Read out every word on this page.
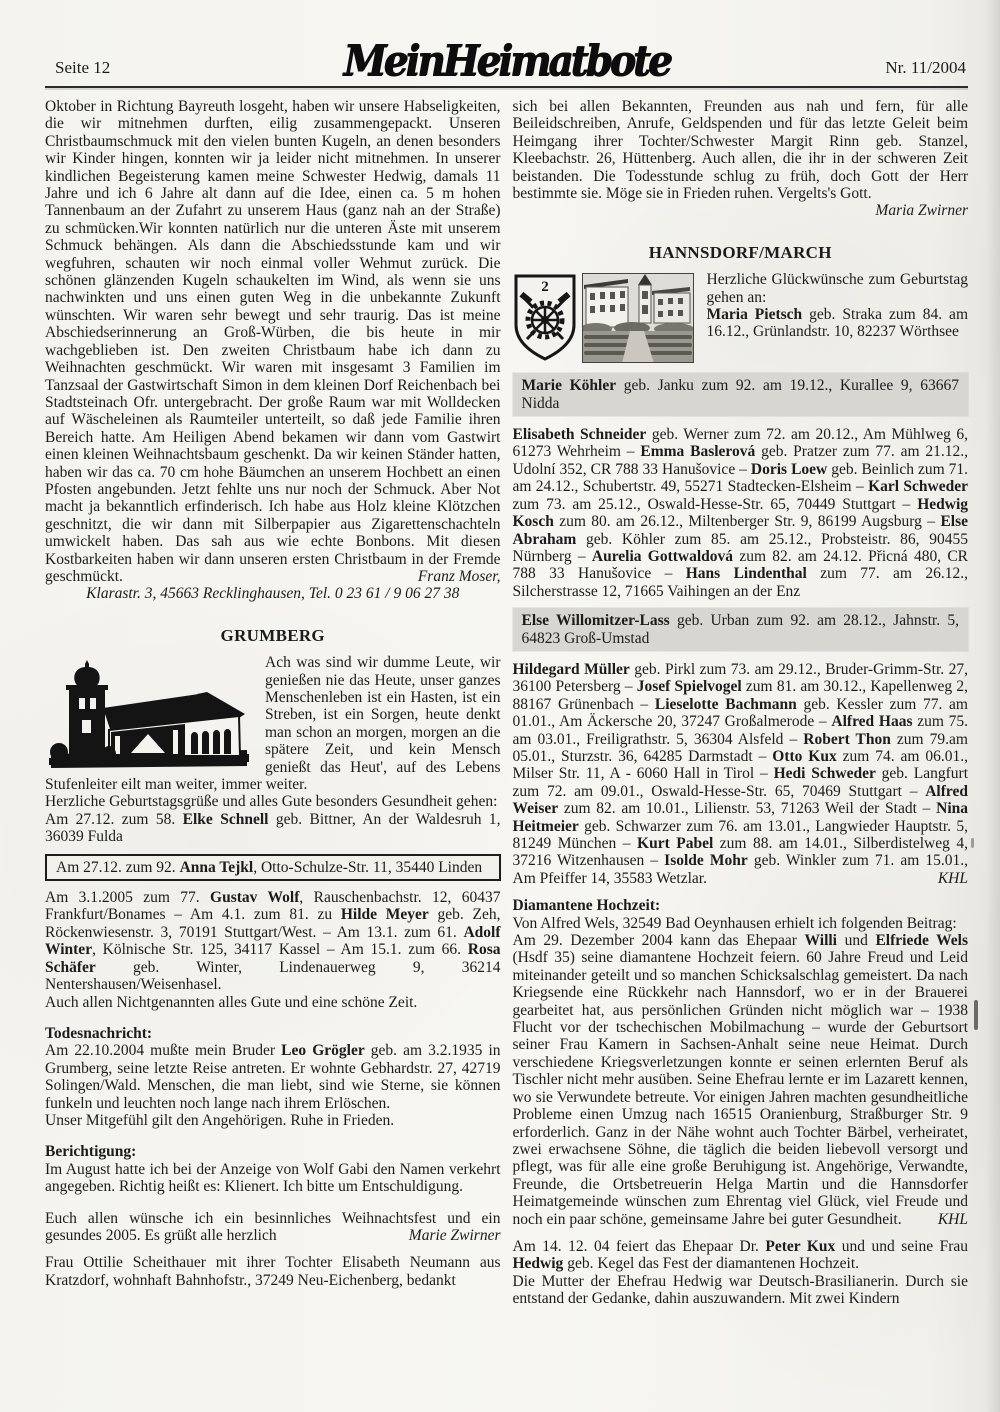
Seite 12	MeinHeimatbote	Nr. 11/2004

Oktober in Richtung Bayreuth losgeht, haben wir unsere Habseligkeiten, die wir mitnehmen durften, eilig zusammengepackt. Unseren Christbaumschmuck mit den vielen bunten Kugeln, an denen besonders wir Kinder hingen, konnten wir ja leider nicht mitnehmen. In unserer kindlichen Begeisterung kamen meine Schwester Hedwig, damals 11 Jahre und ich 6 Jahre alt dann auf die Idee, einen ca. 5 m hohen Tannenbaum an der Zufahrt zu unserem Haus (ganz nah an der Straße) zu schmücken.Wir konnten natürlich nur die unteren Äste mit unserem Schmuck behängen. Als dann die Abschiedsstunde kam und wir wegfuhren, schauten wir noch einmal voller Wehmut zurück. Die schönen glänzenden Kugeln schaukelten im Wind, als wenn sie uns nachwinkten und uns einen guten Weg in die unbekannte Zukunft wünschten. Wir waren sehr bewegt und sehr traurig. Das ist meine Abschiedserinnerung an Groß-Würben, die bis heute in mir wachgeblieben ist. Den zweiten Christbaum habe ich dann zu Weihnachten geschmückt. Wir waren mit insgesamt 3 Familien im Tanzsaal der Gastwirtschaft Simon in dem kleinen Dorf Reichenbach bei Stadtsteinach Ofr. untergebracht. Der große Raum war mit Wolldecken auf Wäscheleinen als Raumteiler unterteilt, so daß jede Familie ihren Bereich hatte. Am Heiligen Abend bekamen wir dann vom Gastwirt einen kleinen Weihnachtsbaum geschenkt. Da wir keinen Ständer hatten, haben wir das ca. 70 cm hohe Bäumchen an unserem Hochbett an einen Pfosten angebunden. Jetzt fehlte uns nur noch der Schmuck. Aber Not macht ja bekanntlich erfinderisch. Ich habe aus Holz kleine Klötzchen geschnitzt, die wir dann mit Silberpapier aus Zigarettenschachteln umwickelt haben. Das sah aus wie echte Bonbons. Mit diesen Kostbarkeiten haben wir dann unseren ersten Christbaum in der Fremde geschmückt.	Franz Moser,

Klarastr. 3, 45663 Recklinghausen, Tel. 0 23 61 / 9 06 27 38

GRUMBERG

Ach was sind wir dumme Leute, wir genießen nie das Heute, unser ganzes Menschenleben ist ein Hasten, ist ein Streben, ist ein Sorgen, heute denkt man schon an morgen, morgen an die spätere Zeit, und kein Mensch genießt das Heut', auf des Lebens Stufenleiter eilt man weiter, immer weiter.

Herzliche Geburtstagsgrüße und alles Gute besonders Gesundheit gehen:

Am 27.12. zum 58. Elke Schnell geb. Bittner, An der Waldesruh 1, 36039 Fulda

Am 27.12. zum 92. Anna Tejkl, Otto-Schulze-Str. 11, 35440 Linden

Am 3.1.2005 zum 77. Gustav Wolf, Rauschenbachstr. 12, 60437 Frankfurt/Bonames – Am 4.1. zum 81. zu Hilde Meyer geb. Zeh, Röckenwiesenstr. 3, 70191 Stuttgart/West. – Am 13.1. zum 61. Adolf Winter, Kölnische Str. 125, 34117 Kassel – Am 15.1. zum 66. Rosa Schäfer geb. Winter, Lindenauerweg 9, 36214 Nentershausen/Weisenhasel.

Auch allen Nichtgenannten alles Gute und eine schöne Zeit.

Todesnachricht:

Am 22.10.2004 mußte mein Bruder Leo Grögler geb. am 3.2.1935 in Grumberg, seine letzte Reise antreten. Er wohnte Gebhardstr. 27, 42719 Solingen/Wald. Menschen, die man liebt, sind wie Sterne, sie können funkeln und leuchten noch lange nach ihrem Erlöschen.

Unser Mitgefühl gilt den Angehörigen. Ruhe in Frieden.

Berichtigung:

Im August hatte ich bei der Anzeige von Wolf Gabi den Namen verkehrt angegeben. Richtig heißt es: Klienert. Ich bitte um Entschuldigung.

Euch allen wünsche ich ein besinnliches Weihnachtsfest und ein gesundes 2005. Es grüßt alle herzlich	Marie Zwirner

Frau Ottilie Scheithauer mit ihrer Tochter Elisabeth Neumann aus Kratzdorf, wohnhaft Bahnhofstr., 37249 Neu-Eichenberg, bedankt

sich bei allen Bekannten, Freunden aus nah und fern, für alle Beileidschreiben, Anrufe, Geldspenden und für das letzte Geleit beim Heimgang ihrer Tochter/Schwester Margit Rinn geb. Stanzel, Kleebachstr. 26, Hüttenberg. Auch allen, die ihr in der schweren Zeit beistanden. Die Todesstunde schlug zu früh, doch Gott der Herr bestimmte sie. Möge sie in Frieden ruhen. Vergelts's Gott.

Maria Zwirner

HANNSDORF/MARCH

2	Herzliche Glückwünsche zum Geburtstag gehen an:

Maria Pietsch geb. Straka zum 84. am 16.12., Grünlandstr. 10, 82237 Wörthsee

Marie Köhler geb. Janku zum 92. am 19.12., Kurallee 9, 63667 Nidda

Elisabeth Schneider geb. Werner zum 72. am 20.12., Am Mühlweg 6, 61273 Wehrheim – Emma Baslerová geb. Pratzer zum 77. am 21.12., Udolní 352, CR 788 33 Hanušovice – Doris Loew geb. Beinlich zum 71. am 24.12., Schubertstr. 49, 55271 Stadtecken-Elsheim – Karl Schweder zum 73. am 25.12., Oswald-Hesse-Str. 65, 70449 Stuttgart – Hedwig Kosch zum 80. am 26.12., Miltenberger Str. 9, 86199 Augsburg – Else Abraham geb. Köhler zum 85. am 25.12., Probsteistr. 86, 90455 Nürnberg – Aurelia Gottwaldová zum 82. am 24.12. Přicná 480, CR 788 33 Hanušovice – Hans Lindenthal zum 77. am 26.12., Silcherstrasse 12, 71665 Vaihingen an der Enz

Else Willomitzer-Lass geb. Urban zum 92. am 28.12., Jahnstr. 5, 64823 Groß-Umstad

Hildegard Müller geb. Pirkl zum 73. am 29.12., Bruder-Grimm-Str. 27, 36100 Petersberg – Josef Spielvogel zum 81. am 30.12., Kapellenweg 2, 88167 Grünenbach – Lieselotte Bachmann geb. Kessler zum 77. am 01.01., Am Äckersche 20, 37247 Großalmerode – Alfred Haas zum 75. am 03.01., Freiligrathstr. 5, 36304 Alsfeld – Robert Thon zum 79.am 05.01., Sturzstr. 36, 64285 Darmstadt – Otto Kux zum 74. am 06.01., Milser Str. 11, A - 6060 Hall in Tirol – Hedi Schweder geb. Langfurt zum 72. am 09.01., Oswald-Hesse-Str. 65, 70469 Stuttgart – Alfred Weiser zum 82. am 10.01., Lilienstr. 53, 71263 Weil der Stadt – Nina Heitmeier geb. Schwarzer zum 76. am 13.01., Langwieder Hauptstr. 5, 81249 München – Kurt Pabel zum 88. am 14.01., Silberdistelweg 4, 37216 Witzenhausen – Isolde Mohr geb. Winkler zum 71. am 15.01., Am Pfeiffer 14, 35583 Wetzlar.	KHL

Diamantene Hochzeit:

Von Alfred Wels, 32549 Bad Oeynhausen erhielt ich folgenden Beitrag:

Am 29. Dezember 2004 kann das Ehepaar Willi und Elfriede Wels (Hsdf 35) seine diamantene Hochzeit feiern. 60 Jahre Freud und Leid miteinander geteilt und so manchen Schicksalschlag gemeistert. Da nach Kriegsende eine Rückkehr nach Hannsdorf, wo er in der Brauerei gearbeitet hat, aus persönlichen Gründen nicht möglich war – 1938 Flucht vor der tschechischen Mobilmachung – wurde der Geburtsort seiner Frau Kamern in Sachsen-Anhalt seine neue Heimat. Durch verschiedene Kriegsverletzungen konnte er seinen erlernten Beruf als Tischler nicht mehr ausüben. Seine Ehefrau lernte er im Lazarett kennen, wo sie Verwundete betreute. Vor einigen Jahren machten gesundheitliche Probleme einen Umzug nach 16515 Oranienburg, Straßburger Str. 9 erforderlich. Ganz in der Nähe wohnt auch Tochter Bärbel, verheiratet, zwei erwachsene Söhne, die täglich die beiden liebevoll versorgt und pflegt, was für alle eine große Beruhigung ist. Angehörige, Verwandte, Freunde, die Ortsbetreuerin Helga Martin und die Hannsdorfer Heimatgemeinde wünschen zum Ehrentag viel Glück, viel Freude und noch ein paar schöne, gemeinsame Jahre bei guter Gesundheit. KHL

Am 14. 12. 04 feiert das Ehepaar Dr. Peter Kux und und seine Frau Hedwig geb. Kegel das Fest der diamantenen Hochzeit.

Die Mutter der Ehefrau Hedwig war Deutsch-Brasilianerin. Durch sie entstand der Gedanke, dahin auszuwandern. Mit zwei Kindern
